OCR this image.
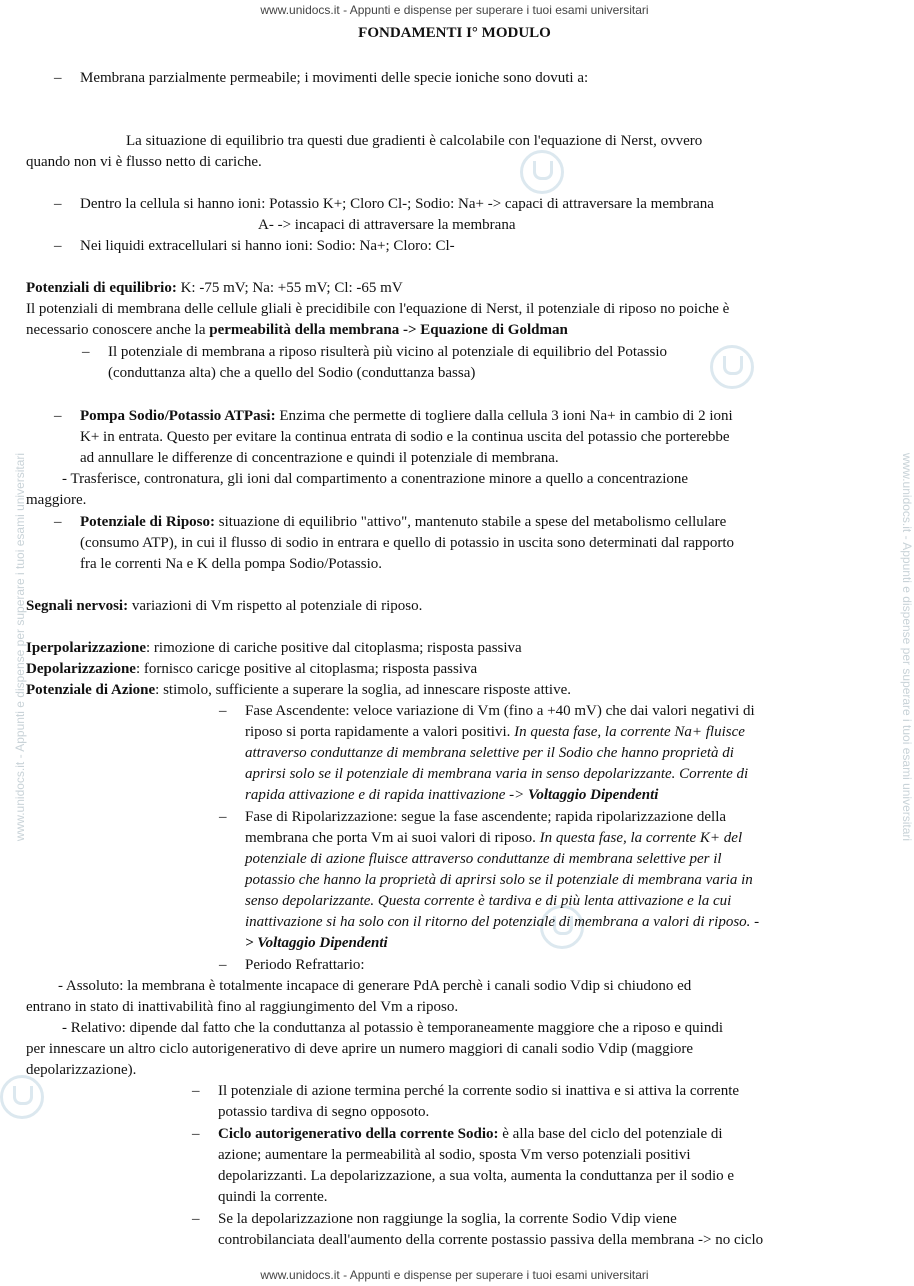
www.unidocs.it - Appunti e dispense per superare i tuoi esami universitari
www.unidocs.it - Appunti e dispense per superare i tuoi esami universitari
www.unidocs.it - Appunti e dispense per superare i tuoi esami universitari	www.unidocs.it - Appunti e dispense per superare i tuoi esami universitari
FONDAMENTI I° MODULO
– Membrana parzialmente permeabile; i movimenti delle specie ioniche sono dovuti a:
La situazione di equilibrio tra questi due gradienti è calcolabile con l'equazione di Nerst, ovvero
quando non vi è flusso netto di cariche.
– Dentro la cellula si hanno ioni: Potassio K+; Cloro Cl-; Sodio: Na+ -> capaci di attraversare la membrana
A- -> incapaci di attraversare la membrana
– Nei liquidi extracellulari si hanno ioni: Sodio: Na+; Cloro: Cl-
Potenziali di equilibrio: K: -75 mV; Na: +55 mV; Cl: -65 mV
Il potenziali di membrana delle cellule gliali è precidibile con l'equazione di Nerst, il potenziale di riposo no poiche è
necessario conoscere anche la permeabilità della membrana -> Equazione di Goldman
– Il potenziale di membrana a riposo risulterà più vicino al potenziale di equilibrio del Potassio
(conduttanza alta) che a quello del Sodio (conduttanza bassa)
– Pompa Sodio/Potassio ATPasi: Enzima che permette di togliere dalla cellula 3 ioni Na+ in cambio di 2 ioni
K+ in entrata. Questo per evitare la continua entrata di sodio e la continua uscita del potassio che porterebbe
ad annullare le differenze di concentrazione e quindi il potenziale di membrana.
- Trasferisce, contronatura, gli ioni dal compartimento a conentrazione minore a quello a concentrazione
maggiore.
– Potenziale di Riposo: situazione di equilibrio "attivo", mantenuto stabile a spese del metabolismo cellulare
(consumo ATP), in cui il flusso di sodio in entrara e quello di potassio in uscita sono determinati dal rapporto
fra le correnti Na e K della pompa Sodio/Potassio.
Segnali nervosi: variazioni di Vm rispetto al potenziale di riposo.
Iperpolarizzazione: rimozione di cariche positive dal citoplasma; risposta passiva
Depolarizzazione: fornisco caricge positive al citoplasma; risposta passiva
Potenziale di Azione: stimolo, sufficiente a superare la soglia, ad innescare risposte attive.
– Fase Ascendente: veloce variazione di Vm (fino a +40 mV) che dai valori negativi di
riposo si porta rapidamente a valori positivi. In questa fase, la corrente Na+ fluisce
attraverso conduttanze di membrana selettive per il Sodio che hanno proprietà di
aprirsi solo se il potenziale di membrana varia in senso depolarizzante. Corrente di
rapida attivazione e di rapida inattivazione -> Voltaggio Dipendenti
– Fase di Ripolarizzazione: segue la fase ascendente; rapida ripolarizzazione della
membrana che porta Vm ai suoi valori di riposo. In questa fase, la corrente K+ del
potenziale di azione fluisce attraverso conduttanze di membrana selettive per il
potassio che hanno la proprietà di aprirsi solo se il potenziale di membrana varia in
senso depolarizzante. Questa corrente è tardiva e di più lenta attivazione e la cui
inattivazione si ha solo con il ritorno del potenziale di membrana a valori di riposo. -
> Voltaggio Dipendenti
– Periodo Refrattario:
- Assoluto: la membrana è totalmente incapace di generare PdA perchè i canali sodio Vdip si chiudono ed
entrano in stato di inattivabilità fino al raggiungimento del Vm a riposo.
- Relativo: dipende dal fatto che la conduttanza al potassio è temporaneamente maggiore che a riposo e quindi
per innescare un altro ciclo autorigenerativo di deve aprire un numero maggiori di canali sodio Vdip (maggiore
depolarizzazione).
– Il potenziale di azione termina perché la corrente sodio si inattiva e si attiva la corrente
potassio tardiva di segno opposoto.
– Ciclo autorigenerativo della corrente Sodio: è alla base del ciclo del potenziale di
azione; aumentare la permeabilità al sodio, sposta Vm verso potenziali positivi
depolarizzanti. La depolarizzazione, a sua volta, aumenta la conduttanza per il sodio e
quindi la corrente.
– Se la depolarizzazione non raggiunge la soglia, la corrente Sodio Vdip viene
controbilanciata deall'aumento della corrente postassio passiva della membrana -> no ciclo
